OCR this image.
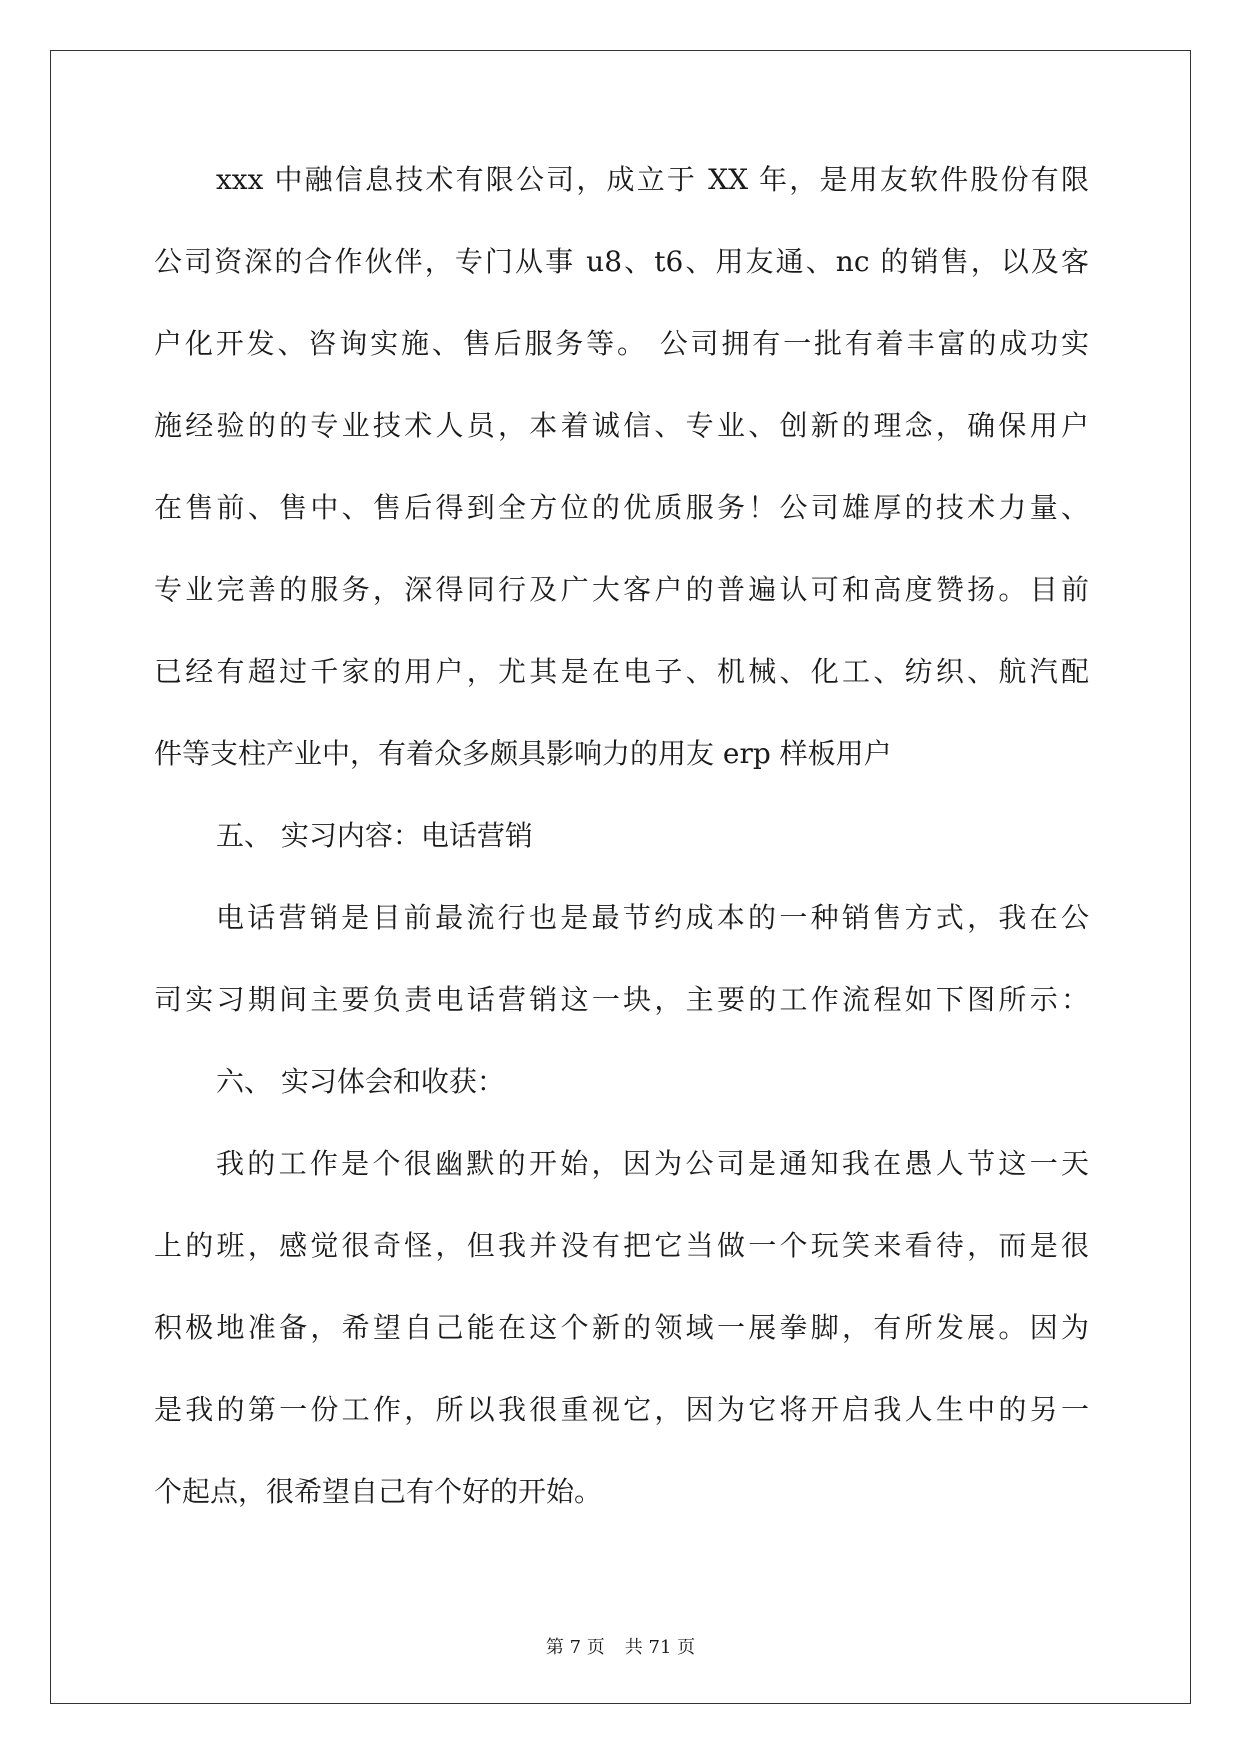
xxx 中融信息技术有限公司，成立于 XX 年，是用友软件股份有限
公司资深的合作伙伴，专门从事 u8、t6、用友通、nc 的销售，以及客
户化开发、咨询实施、售后服务等。 公司拥有一批有着丰富的成功实
施经验的的专业技术人员，本着诚信、专业、创新的理念，确保用户
在售前、售中、售后得到全方位的优质服务！公司雄厚的技术力量、
专业完善的服务，深得同行及广大客户的普遍认可和高度赞扬。目前
已经有超过千家的用户，尤其是在电子、机械、化工、纺织、航汽配
件等支柱产业中，有着众多颇具影响力的用友 erp 样板用户
五、 实习内容：电话营销
电话营销是目前最流行也是最节约成本的一种销售方式，我在公
司实习期间主要负责电话营销这一块，主要的工作流程如下图所示：
六、 实习体会和收获：
我的工作是个很幽默的开始，因为公司是通知我在愚人节这一天
上的班，感觉很奇怪，但我并没有把它当做一个玩笑来看待，而是很
积极地准备，希望自己能在这个新的领域一展拳脚，有所发展。因为
是我的第一份工作，所以我很重视它，因为它将开启我人生中的另一
个起点，很希望自己有个好的开始。
第 7 页 共 71 页
